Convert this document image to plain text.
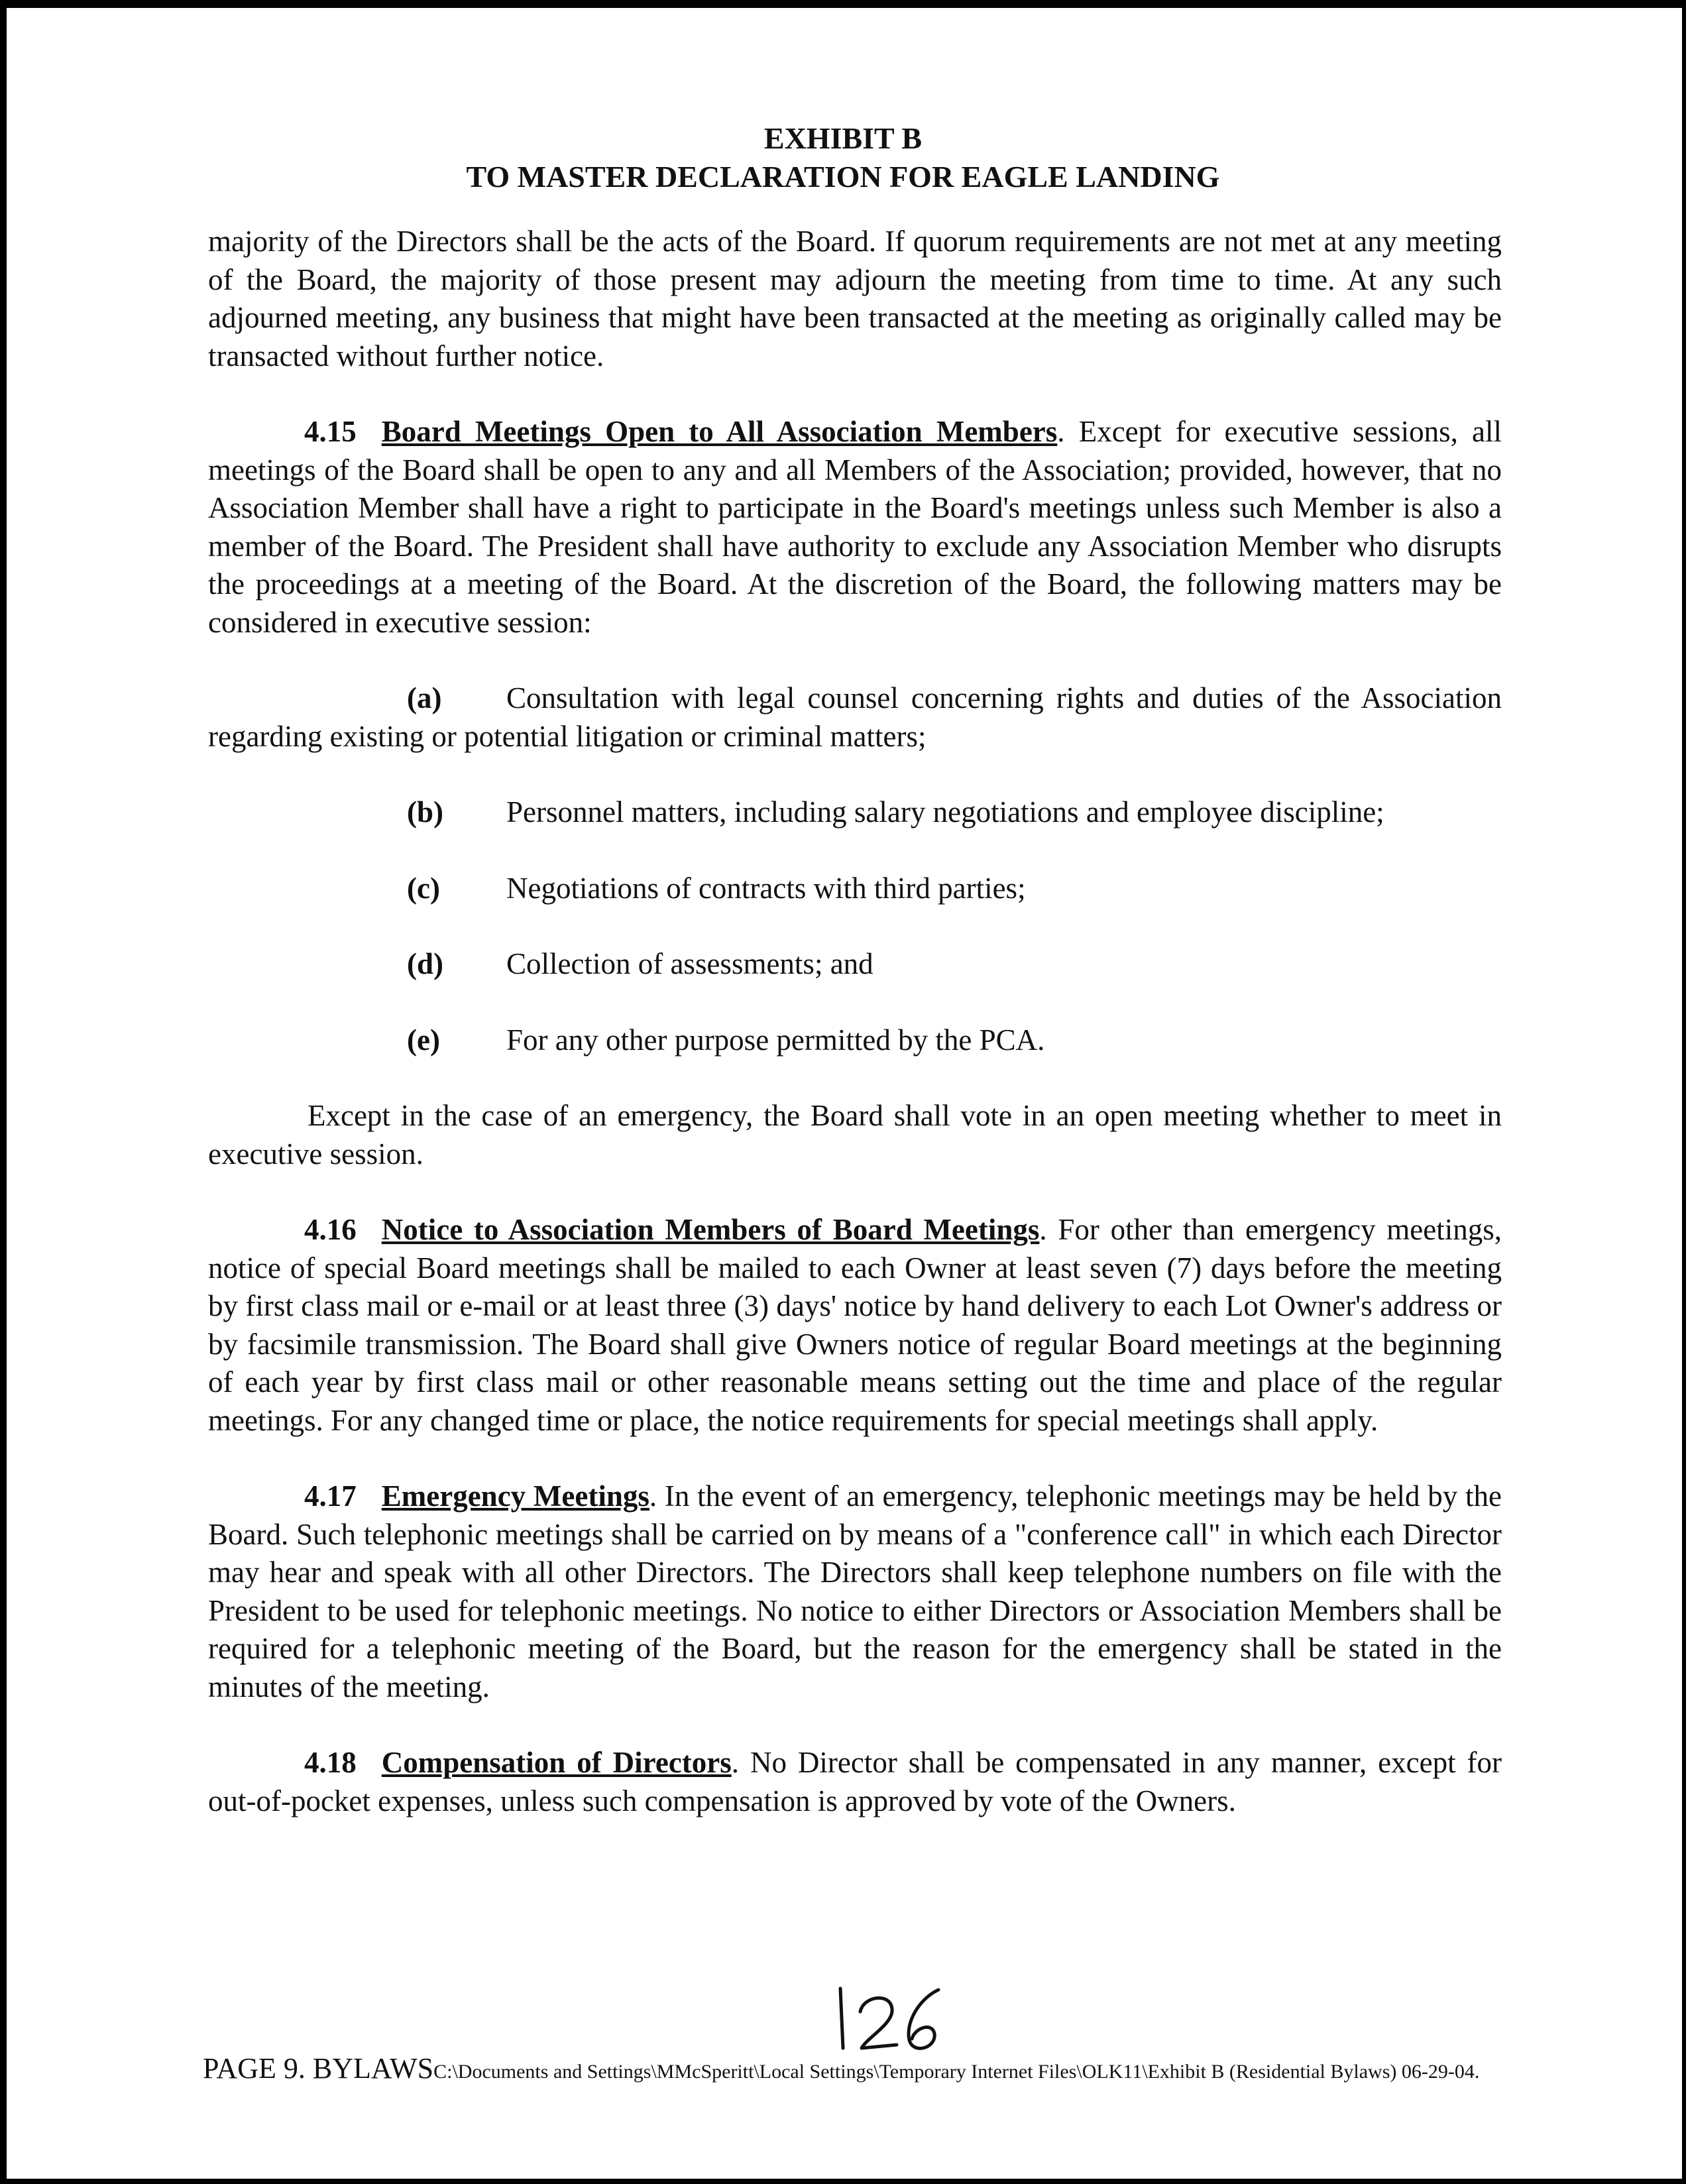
EXHIBIT B
TO MASTER DECLARATION FOR EAGLE LANDING

majority of the Directors shall be the acts of the Board. If quorum requirements are not met at any meeting of the Board, the majority of those present may adjourn the meeting from time to time. At any such adjourned meeting, any business that might have been transacted at the meeting as originally called may be transacted without further notice.

4.15 Board Meetings Open to All Association Members. Except for executive sessions, all meetings of the Board shall be open to any and all Members of the Association; provided, however, that no Association Member shall have a right to participate in the Board's meetings unless such Member is also a member of the Board. The President shall have authority to exclude any Association Member who disrupts the proceedings at a meeting of the Board. At the discretion of the Board, the following matters may be considered in executive session:

(a) Consultation with legal counsel concerning rights and duties of the Association regarding existing or potential litigation or criminal matters;

(b) Personnel matters, including salary negotiations and employee discipline;

(c) Negotiations of contracts with third parties;

(d) Collection of assessments; and

(e) For any other purpose permitted by the PCA.

Except in the case of an emergency, the Board shall vote in an open meeting whether to meet in executive session.

4.16 Notice to Association Members of Board Meetings. For other than emergency meetings, notice of special Board meetings shall be mailed to each Owner at least seven (7) days before the meeting by first class mail or e-mail or at least three (3) days' notice by hand delivery to each Lot Owner's address or by facsimile transmission. The Board shall give Owners notice of regular Board meetings at the beginning of each year by first class mail or other reasonable means setting out the time and place of the regular meetings. For any changed time or place, the notice requirements for special meetings shall apply.

4.17 Emergency Meetings. In the event of an emergency, telephonic meetings may be held by the Board. Such telephonic meetings shall be carried on by means of a "conference call" in which each Director may hear and speak with all other Directors. The Directors shall keep telephone numbers on file with the President to be used for telephonic meetings. No notice to either Directors or Association Members shall be required for a telephonic meeting of the Board, but the reason for the emergency shall be stated in the minutes of the meeting.

4.18 Compensation of Directors. No Director shall be compensated in any manner, except for out-of-pocket expenses, unless such compensation is approved by vote of the Owners.

PAGE 9. BYLAWSC:\Documents and Settings\MMcSperitt\Local Settings\Temporary Internet Files\OLK11\Exhibit B (Residential Bylaws) 06-29-04.
